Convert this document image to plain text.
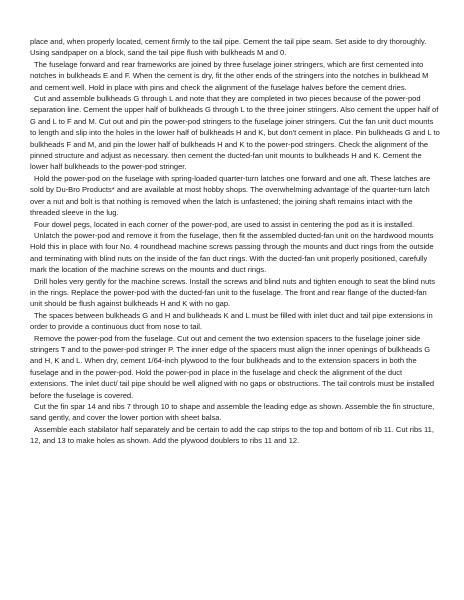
place and, when properly located, cement firmly to the tail pipe. Cement the tail pipe seam. Set aside to dry thoroughly. Using sandpaper on a block, sand the tail pipe flush with bulkheads M and 0.

The fuselage forward and rear frameworks are joined by three fuselage joiner stringers, which are first cemented into notches in bulkheads E and F. When the cement is dry, fit the other ends of the stringers into the notches in bulkhead M and cement well. Hold in place with pins and check the alignment of the fuselage halves before the cement dries.

Cut and assemble bulkheads G through L and note that they are completed in two pieces because of the power-pod separation line. Cement the upper half of bulkheads G through L to the three joiner stringers. Also cement the upper half of G and L to F and M. Cut out and pin the power-pod stringers to the fuselage joiner stringers. Cut the fan unit duct mounts to length and slip into the holes in the lower half of bulkheads H and K, but don't cement in place. Pin bulkheads G and L to bulkheads F and M, and pin the lower half of bulkheads H and K to the power-pod stringers. Check the alignment of the pinned structure and adjust as necessary. then cement the ducted-fan unit mounts to bulkheads H and K. Cement the lower half bulkheads to the power-pod stringer.

Hold the power-pod on the fuselage with spring-loaded quarter-turn latches one forward and one aft. These latches are sold by Du-Bro Products* and are available at most hobby shops. The overwhelming advantage of the quarter-turn latch over a nut and bolt is that nothing is removed when the latch is unfastened; the joining shaft remains intact with the threaded sleeve in the lug.

Four dowel pegs, located in each corner of the power-pod, are used to assist in centering the pod as it is installed.

Unlatch the power-pod and remove it from the fuselage, then fit the assembled ducted-fan unit on the hardwood mounts Hold this in place with four No. 4 roundhead machine screws passing through the mounts and duct rings from the outside and terminating with blind nuts on the inside of the fan duct rings. With the ducted-fan unit properly positioned, carefully mark the location of the machine screws on the mounts and duct rings.

Drill holes very gently for the machine screws. Install the screws and blind nuts and tighten enough to seat the blind nuts in the rings. Replace the power-pod with the ducted-fan unit to the fuselage. The front and rear flange of the ducted-fan unit should be flush against bulkheads H and K with no gap.

The spaces between bulkheads G and H and bulkheads K and L must be filled with inlet duct and tail pipe extensions in order to provide a continuous duct from nose to tail.

Remove the power-pod from the fuselage. Cut out and cement the two extension spacers to the fuselage joiner side stringers T and to the power-pod stringer P. The inner edge of the spacers must align the inner openings of bulkheads G and H, K and L. When dry, cement 1/64-inch plywood to the four bulkheads and to the extension spacers in both the fuselage and in the power-pod. Hold the power-pod in place in the fuselage and check the alignment of the duct extensions. The inlet duct/ tail pipe should be well aligned with no gaps or obstructions. The tail controls must be installed before the fuselage is covered.

Cut the fin spar 14 and ribs 7 through 10 to shape and assemble the leading edge as shown. Assemble the fin structure, sand gently, and cover the lower portion with sheet balsa.

Assemble each stabilator half separately and be certain to add the cap strips to the top and bottom of rib 11. Cut ribs 11, 12, and 13 to make holes as shown. Add the plywood doublers to ribs 11 and 12.
